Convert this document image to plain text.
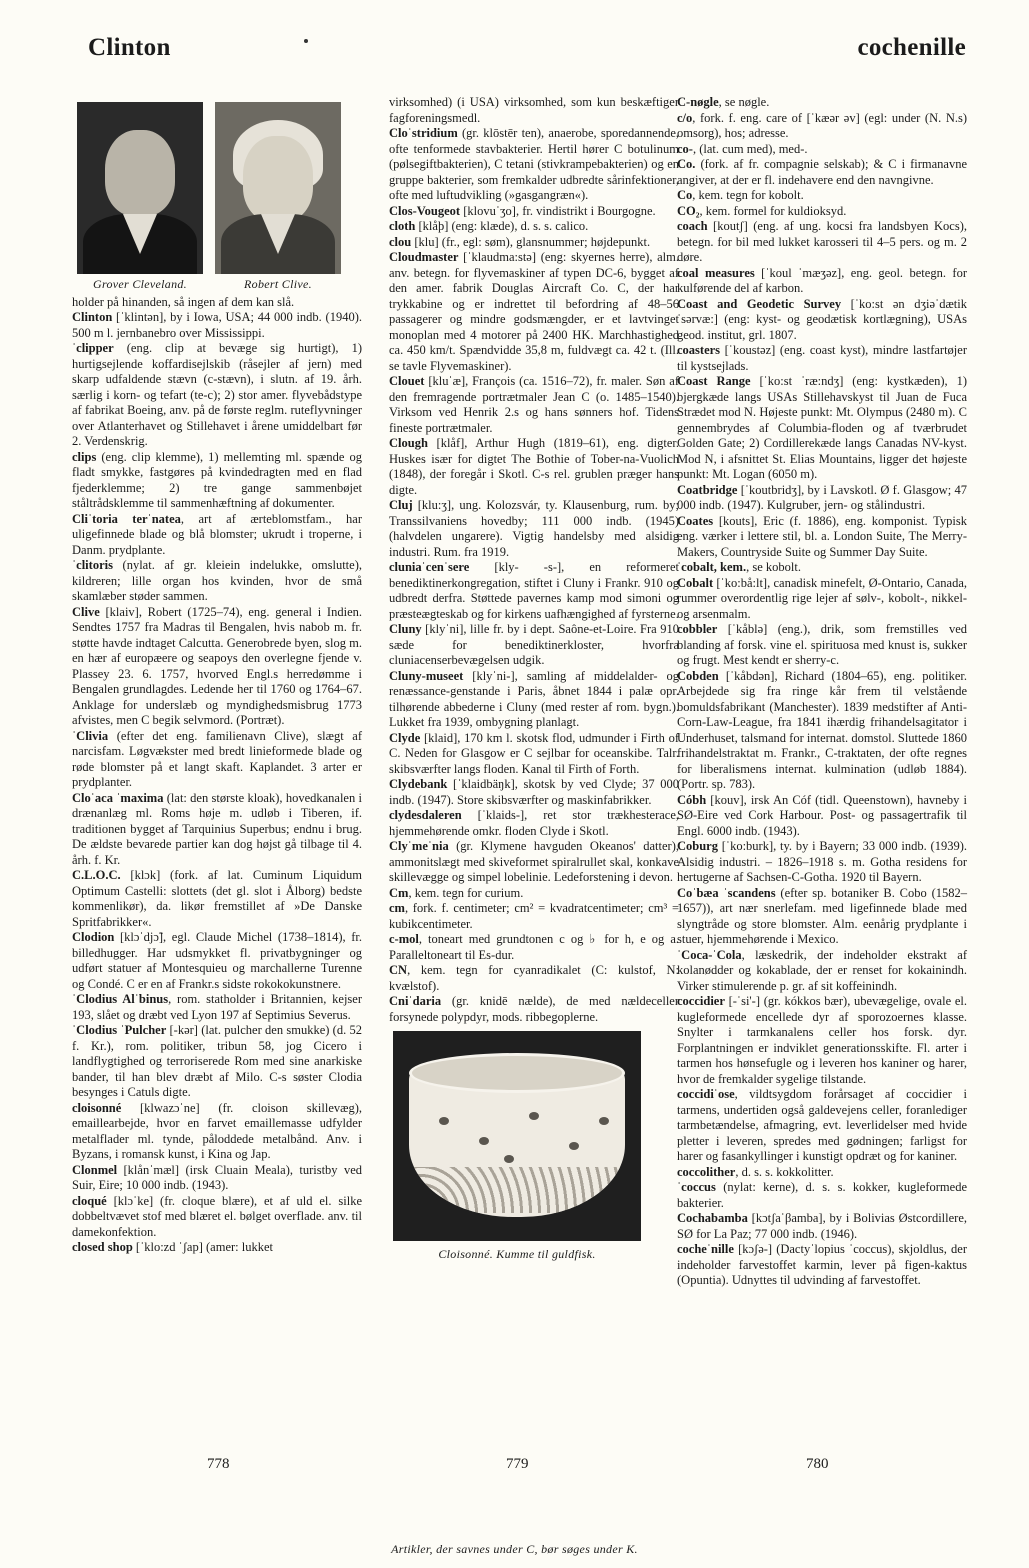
Clinton	cochenille
Grover Cleveland.	Robert Clive.

holder på hinanden, så ingen af dem kan slå.

Clinton [ˈklintən], by i Iowa, USA; 44 000 indb. (1940). 500 m l. jernbanebro over Mississippi.

ˈclipper (eng. clip at bevæge sig hurtigt), 1) hurtigsejlende koffardisejlskib (råsejler af jern) med skarp udfaldende stævn (c-stævn), i slutn. af 19. årh. særlig i korn- og tefart (te-c); 2) stor amer. flyvebådstype af fabrikat Boeing, anv. på de første reglm. ruteflyvninger over Atlanterhavet og Stillehavet i årene umiddelbart før 2. Verdenskrig.

clips (eng. clip klemme), 1) mellemting ml. spænde og fladt smykke, fastgøres på kvindedragten med en flad fjederklemme; 2) tre gange sammenbøjet ståltrådsklemme til sammenhæftning af dokumenter.

Cliˈtoria terˈnatea, art af ærteblomstfam., har uligefinnede blade og blå blomster; ukrudt i troperne, i Danm. prydplante.

ˈclitoris (nylat. af gr. kleiein indelukke, omslutte), kildreren; lille organ hos kvinden, hvor de små skamlæber støder sammen.

Clive [klaiv], Robert (1725–74), eng. general i Indien. Sendtes 1757 fra Madras til Bengalen, hvis nabob m. fr. støtte havde indtaget Calcutta. Generobrede byen, slog m. en hær af europæere og seapoys den overlegne fjende v. Plassey 23. 6. 1757, hvorved Engl.s herredømme i Bengalen grundlagdes. Ledende her til 1760 og 1764–67. Anklage for underslæb og myndighedsmisbrug 1773 afvistes, men C begik selvmord. (Portræt).

ˈClivia (efter det eng. familienavn Clive), slægt af narcisfam. Løgvækster med bredt linieformede blade og røde blomster på et langt skaft. Kaplandet. 3 arter er prydplanter.

Cloˈaca ˈmaxima (lat: den største kloak), hovedkanalen i drænanlæg ml. Roms høje m. udløb i Tiberen, if. traditionen bygget af Tarquinius Superbus; endnu i brug. De ældste bevarede partier kan dog højst gå tilbage til 4. årh. f. Kr.

C.L.O.C. [klɔk] (fork. af lat. Cuminum Liquidum Optimum Castelli: slottets (det gl. slot i Ålborg) bedste kommenlikør), da. likør fremstillet af »De Danske Spritfabrikker«.

Clodion [klɔˈdjɔ̃], egl. Claude Michel (1738–1814), fr. billedhugger. Har udsmykket fl. privatbygninger og udført statuer af Montesquieu og marchallerne Turenne og Condé. C er en af Frankr.s sidste rokokokunstnere.

ˈClodius Alˈbinus, rom. statholder i Britannien, kejser 193, slået og dræbt ved Lyon 197 af Septimius Severus.

ˈClodius ˈPulcher [-kər] (lat. pulcher den smukke) (d. 52 f. Kr.), rom. politiker, tribun 58, jog Cicero i landflygtighed og terroriserede Rom med sine anarkiske bander, til han blev dræbt af Milo. C-s søster Clodia besynges i Catuls digte.

cloisonné [klwazɔˈne] (fr. cloison skillevæg), emaillearbejde, hvor en farvet emaillemasse udfylder metalflader ml. tynde, påloddede metalbånd. Anv. i Byzans, i romansk kunst, i Kina og Jap.

Clonmel [klånˈmæl] (irsk Cluain Meala), turistby ved Suir, Eire; 10 000 indb. (1943).

cloqué [klɔˈke] (fr. cloque blære), et af uld el. silke dobbeltvævet stof med blæret el. bølget overflade. anv. til damekonfektion.

closed shop [ˈklo:zd ˈʃap] (amer: lukket

virksomhed) (i USA) virksomhed, som kun beskæftiger fagforeningsmedl.

Cloˈstridium (gr. klōstēr ten), anaerobe, sporedannende, ofte tenformede stavbakterier. Hertil hører C botulinum (pølsegiftbakterien), C tetani (stivkrampebakterien) og en gruppe bakterier, som fremkalder udbredte sårinfektioner, ofte med luftudvikling (»gasgangræn«).

Clos-Vougeot [klovuˈʒo], fr. vindistrikt i Bourgogne.

cloth [klåþ] (eng: klæde), d. s. s. calico.

clou [klu] (fr., egl: søm), glansnummer; højdepunkt.

Cloudmaster [ˈklaudma:stə] (eng: skyernes herre), alm. anv. betegn. for flyvemaskiner af typen DC-6, bygget af den amer. fabrik Douglas Aircraft Co. C, der har trykkabine og er indrettet til befordring af 48–56 passagerer og mindre godsmængder, er et lavtvinget monoplan med 4 motorer på 2400 HK. Marchhastighed ca. 450 km/t. Spændvidde 35,8 m, fuldvægt ca. 42 t. (Ill. se tavle Flyvemaskiner).

Clouet [kluˈæ], François (ca. 1516–72), fr. maler. Søn af den fremragende portrætmaler Jean C (o. 1485–1540). Virksom ved Henrik 2.s og hans sønners hof. Tidens fineste portrætmaler.

Clough [klåf], Arthur Hugh (1819–61), eng. digter. Huskes især for digtet The Bothie of Tober-na-Vuolich (1848), der foregår i Skotl. C-s rel. grublen præger hans digte.

Cluj [klu:ʒ], ung. Kolozsvár, ty. Klausenburg, rum. by; Transsilvaniens hovedby; 111 000 indb. (1945) (halvdelen ungarere). Vigtig handelsby med alsidig industri. Rum. fra 1919.

cluniaˈcenˈsere [kly- -s-], en reformeret benediktinerkongregation, stiftet i Cluny i Frankr. 910 og udbredt derfra. Støttede pavernes kamp mod simoni og præsteægteskab og for kirkens uafhængighed af fyrsterne.

Cluny [klyˈni], lille fr. by i dept. Saône-et-Loire. Fra 910 sæde for benediktinerkloster, hvorfra cluniacenserbevægelsen udgik.

Cluny-museet [klyˈni-], samling af middelalder- og renæssance-genstande i Paris, åbnet 1844 i palæ opr. tilhørende abbederne i Cluny (med rester af rom. bygn.). Lukket fra 1939, ombygning planlagt.

Clyde [klaid], 170 km l. skotsk flod, udmunder i Firth of C. Neden for Glasgow er C sejlbar for oceanskibe. Talr. skibsværfter langs floden. Kanal til Firth of Forth.

Clydebank [ˈklaidbäŋk], skotsk by ved Clyde; 37 000 indb. (1947). Store skibsværfter og maskinfabrikker.

clydesdaleren [ˈklaids-], ret stor trækhesterace, hjemmehørende omkr. floden Clyde i Skotl.

Clyˈmeˈnia (gr. Klymene havguden Okeanos' datter), ammonitslægt med skiveformet spiralrullet skal, konkave skillevægge og simpel lobelinie. Ledeforstening i devon.

Cm, kem. tegn for curium.

cm, fork. f. centimeter; cm² = kvadratcentimeter; cm³ = kubikcentimeter.

c-mol, toneart med grundtonen c og ♭ for h, e og a. Paralleltoneart til Es-dur.

CN, kem. tegn for cyanradikalet (C: kulstof, N: kvælstof).

Cniˈdaria (gr. knidē nælde), de med nældeceller forsynede polypdyr, mods. ribbegoplerne.

Cloisonné. Kumme til guldfisk.

C-nøgle, se nøgle.

c/o, fork. f. eng. care of [ˈkæər əv] (egl: under (N. N.s) omsorg), hos; adresse.

co-, (lat. cum med), med-.

Co. (fork. af fr. compagnie selskab); & C i firmanavne angiver, at der er fl. indehavere end den navngivne.

Co, kem. tegn for kobolt.

CO₂, kem. formel for kuldioksyd.

coach [koutʃ] (eng. af ung. kocsi fra landsbyen Kocs), betegn. for bil med lukket karosseri til 4–5 pers. og m. 2 døre.

coal measures [ˈkoul ˈmæʒəz], eng. geol. betegn. for kulførende del af karbon.

Coast and Geodetic Survey [ˈko:st ən dʒiəˈdætik ˈsərvæ:] (eng: kyst- og geodætisk kortlægning), USAs geod. institut, grl. 1807.

coasters [ˈkoustəz] (eng. coast kyst), mindre lastfartøjer til kystsejlads.

Coast Range [ˈko:st ˈræ:ndʒ] (eng: kystkæden), 1) bjergkæde langs USAs Stillehavskyst til Juan de Fuca Strædet mod N. Højeste punkt: Mt. Olympus (2480 m). C gennembrydes af Columbia-floden og af tværbrudet Golden Gate; 2) Cordillerekæde langs Canadas NV-kyst. Mod N, i afsnittet St. Elias Mountains, ligger det højeste punkt: Mt. Logan (6050 m).

Coatbridge [ˈkoutbridʒ], by i Lavskotl. Ø f. Glasgow; 47 000 indb. (1947). Kulgruber, jern- og stålindustri.

Coates [kouts], Eric (f. 1886), eng. komponist. Typisk eng. værker i lettere stil, bl. a. London Suite, The Merry-Makers, Countryside Suite og Summer Day Suite.

ˈcobalt, kem., se kobolt.

Cobalt [ˈko:bå:lt], canadisk minefelt, Ø-Ontario, Canada, rummer overordentlig rige lejer af sølv-, kobolt-, nikkel- og arsenmalm.

cobbler [ˈkåblə] (eng.), drik, som fremstilles ved blanding af forsk. vine el. spirituosa med knust is, sukker og frugt. Mest kendt er sherry-c.

Cobden [ˈkåbdən], Richard (1804–65), eng. politiker. Arbejdede sig fra ringe kår frem til velstående bomuldsfabrikant (Manchester). 1839 medstifter af Anti-Corn-Law-League, fra 1841 ihærdig frihandelsagitator i Underhuset, talsmand for internat. domstol. Sluttede 1860 frihandelstraktat m. Frankr., C-traktaten, der ofte regnes for liberalismens internat. kulmination (udløb 1884). (Portr. sp. 783).

Cóbh [kouv], irsk An Cóf (tidl. Queenstown), havneby i SØ-Eire ved Cork Harbour. Post- og passagertrafik til Engl. 6000 indb. (1943).

Coburg [ˈko:burk], ty. by i Bayern; 33 000 indb. (1939). Alsidig industri. – 1826–1918 s. m. Gotha residens for hertugerne af Sachsen-C-Gotha. 1920 til Bayern.

Coˈbæa ˈscandens (efter sp. botaniker B. Cobo (1582–1657)), art nær snerlefam. med ligefinnede blade med slyngtråde og store blomster. Alm. eenårig prydplante i stuer, hjemmehørende i Mexico.

ˈCoca-ˈCola, læskedrik, der indeholder ekstrakt af kolanødder og kokablade, der er renset for kokainindh. Virker stimulerende p. gr. af sit koffeinindh.

coccidier [-ˈsi'-] (gr. kókkos bær), ubevægelige, ovale el. kugleformede encellede dyr af sporozoernes klasse. Snylter i tarmkanalens celler hos forsk. dyr. Forplantningen er indviklet generationsskifte. Fl. arter i tarmen hos hønsefugle og i leveren hos kaniner og harer, hvor de fremkalder sygelige tilstande.

coccidiˈose, vildtsygdom forårsaget af coccidier i tarmens, undertiden også galdevejens celler, foranlediger tarmbetændelse, afmagring, evt. leverlidelser med hvide pletter i leveren, spredes med gødningen; farligst for harer og fasankyllinger i kunstigt opdræt og for kaniner.

coccolither, d. s. s. kokkolitter.

ˈcoccus (nylat: kerne), d. s. s. kokker, kugleformede bakterier.

Cochabamba [kɔtʃaˈβamba], by i Bolivias Østcordillere, SØ for La Paz; 77 000 indb. (1946).

cocheˈnille [kɔʃə-] (Dactyˈlopius ˈcoccus), skjoldlus, der indeholder farvestoffet karmin, lever på figen-kaktus (Opuntia). Udnyttes til udvinding af farvestoffet.

778	779	780
Artikler, der savnes under C, bør søges under K.
